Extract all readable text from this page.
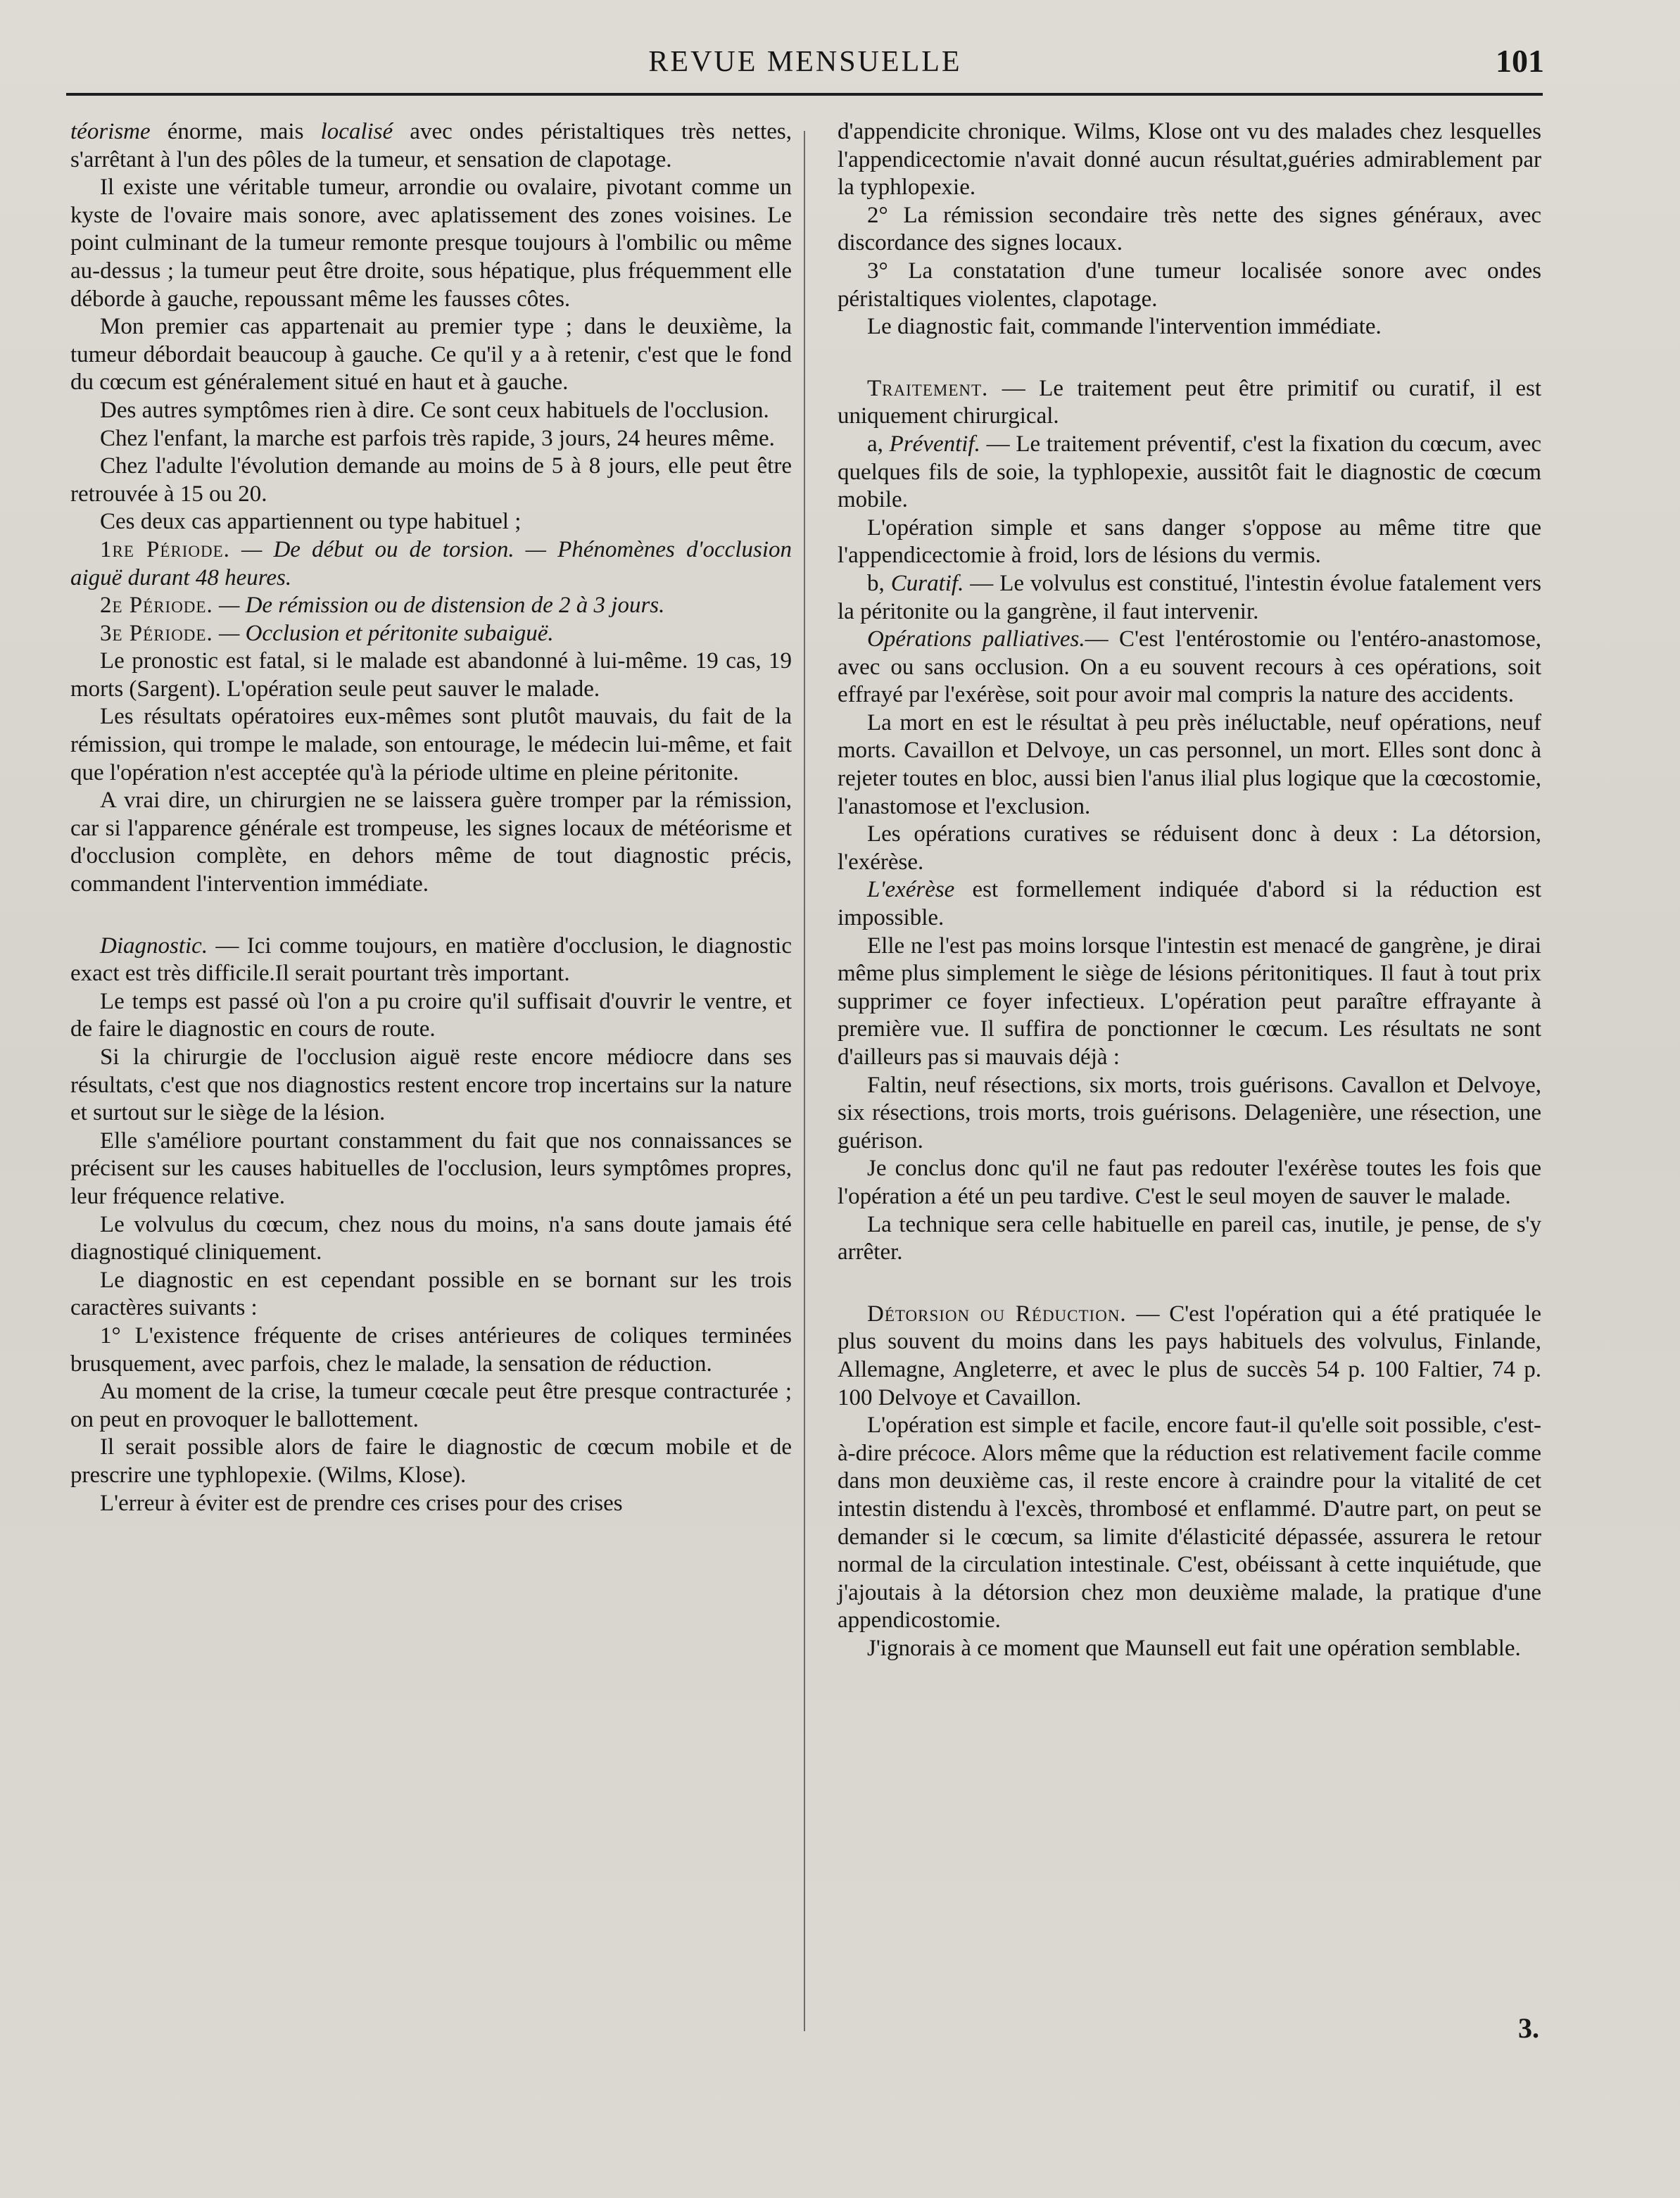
REVUE MENSUELLE	101

téorisme énorme, mais localisé avec ondes péristaltiques très nettes, s'arrêtant à l'un des pôles de la tumeur, et sensation de clapotage.

Il existe une véritable tumeur, arrondie ou ovalaire, pivotant comme un kyste de l'ovaire mais sonore, avec aplatissement des zones voisines. Le point culminant de la tumeur remonte presque toujours à l'ombilic ou même au-dessus ; la tumeur peut être droite, sous hépatique, plus fréquemment elle déborde à gauche, repoussant même les fausses côtes.

Mon premier cas appartenait au premier type ; dans le deuxième, la tumeur débordait beaucoup à gauche. Ce qu'il y a à retenir, c'est que le fond du cœcum est généralement situé en haut et à gauche.

Des autres symptômes rien à dire. Ce sont ceux habituels de l'occlusion.

Chez l'enfant, la marche est parfois très rapide, 3 jours, 24 heures même.

Chez l'adulte l'évolution demande au moins de 5 à 8 jours, elle peut être retrouvée à 15 ou 20.

Ces deux cas appartiennent ou type habituel ;

1re Période. — De début ou de torsion. — Phénomènes d'occlusion aiguë durant 48 heures.

2e Période. — De rémission ou de distension de 2 à 3 jours.

3e Période. — Occlusion et péritonite subaiguë.

Le pronostic est fatal, si le malade est abandonné à lui-même. 19 cas, 19 morts (Sargent). L'opération seule peut sauver le malade.

Les résultats opératoires eux-mêmes sont plutôt mauvais, du fait de la rémission, qui trompe le malade, son entourage, le médecin lui-même, et fait que l'opération n'est acceptée qu'à la période ultime en pleine péritonite.

A vrai dire, un chirurgien ne se laissera guère tromper par la rémission, car si l'apparence générale est trompeuse, les signes locaux de météorisme et d'occlusion complète, en dehors même de tout diagnostic précis, commandent l'intervention immédiate.

Diagnostic. — Ici comme toujours, en matière d'occlusion, le diagnostic exact est très difficile.Il serait pourtant très important.

Le temps est passé où l'on a pu croire qu'il suffisait d'ouvrir le ventre, et de faire le diagnostic en cours de route.

Si la chirurgie de l'occlusion aiguë reste encore médiocre dans ses résultats, c'est que nos diagnostics restent encore trop incertains sur la nature et surtout sur le siège de la lésion.

Elle s'améliore pourtant constamment du fait que nos connaissances se précisent sur les causes habituelles de l'occlusion, leurs symptômes propres, leur fréquence relative.

Le volvulus du cœcum, chez nous du moins, n'a sans doute jamais été diagnostiqué cliniquement.

Le diagnostic en est cependant possible en se bornant sur les trois caractères suivants :

1° L'existence fréquente de crises antérieures de coliques terminées brusquement, avec parfois, chez le malade, la sensation de réduction.

Au moment de la crise, la tumeur cœcale peut être presque contracturée ; on peut en provoquer le ballottement.

Il serait possible alors de faire le diagnostic de cœcum mobile et de prescrire une typhlopexie. (Wilms, Klose).

L'erreur à éviter est de prendre ces crises pour des crises

d'appendicite chronique. Wilms, Klose ont vu des malades chez lesquelles l'appendicectomie n'avait donné aucun résultat,guéries admirablement par la typhlopexie.

2° La rémission secondaire très nette des signes généraux, avec discordance des signes locaux.

3° La constatation d'une tumeur localisée sonore avec ondes péristaltiques violentes, clapotage.

Le diagnostic fait, commande l'intervention immédiate.

Traitement. — Le traitement peut être primitif ou curatif, il est uniquement chirurgical.

a, Préventif. — Le traitement préventif, c'est la fixation du cœcum, avec quelques fils de soie, la typhlopexie, aussitôt fait le diagnostic de cœcum mobile.

L'opération simple et sans danger s'oppose au même titre que l'appendicectomie à froid, lors de lésions du vermis.

b, Curatif. — Le volvulus est constitué, l'intestin évolue fatalement vers la péritonite ou la gangrène, il faut intervenir.

Opérations palliatives.— C'est l'entérostomie ou l'entéro-anastomose, avec ou sans occlusion. On a eu souvent recours à ces opérations, soit effrayé par l'exérèse, soit pour avoir mal compris la nature des accidents.

La mort en est le résultat à peu près inéluctable, neuf opérations, neuf morts. Cavaillon et Delvoye, un cas personnel, un mort. Elles sont donc à rejeter toutes en bloc, aussi bien l'anus ilial plus logique que la cœcostomie, l'anastomose et l'exclusion.

Les opérations curatives se réduisent donc à deux : La détorsion, l'exérèse.

L'exérèse est formellement indiquée d'abord si la réduction est impossible.

Elle ne l'est pas moins lorsque l'intestin est menacé de gangrène, je dirai même plus simplement le siège de lésions péritonitiques. Il faut à tout prix supprimer ce foyer infectieux. L'opération peut paraître effrayante à première vue. Il suffira de ponctionner le cœcum. Les résultats ne sont d'ailleurs pas si mauvais déjà :

Faltin, neuf résections, six morts, trois guérisons. Cavallon et Delvoye, six résections, trois morts, trois guérisons. Delagenière, une résection, une guérison.

Je conclus donc qu'il ne faut pas redouter l'exérèse toutes les fois que l'opération a été un peu tardive. C'est le seul moyen de sauver le malade.

La technique sera celle habituelle en pareil cas, inutile, je pense, de s'y arrêter.

Détorsion ou Réduction. — C'est l'opération qui a été pratiquée le plus souvent du moins dans les pays habituels des volvulus, Finlande, Allemagne, Angleterre, et avec le plus de succès 54 p. 100 Faltier, 74 p. 100 Delvoye et Cavaillon.

L'opération est simple et facile, encore faut-il qu'elle soit possible, c'est-à-dire précoce. Alors même que la réduction est relativement facile comme dans mon deuxième cas, il reste encore à craindre pour la vitalité de cet intestin distendu à l'excès, thrombosé et enflammé. D'autre part, on peut se demander si le cœcum, sa limite d'élasticité dépassée, assurera le retour normal de la circulation intestinale. C'est, obéissant à cette inquiétude, que j'ajoutais à la détorsion chez mon deuxième malade, la pratique d'une appendicostomie.

J'ignorais à ce moment que Maunsell eut fait une opération semblable.

3.
